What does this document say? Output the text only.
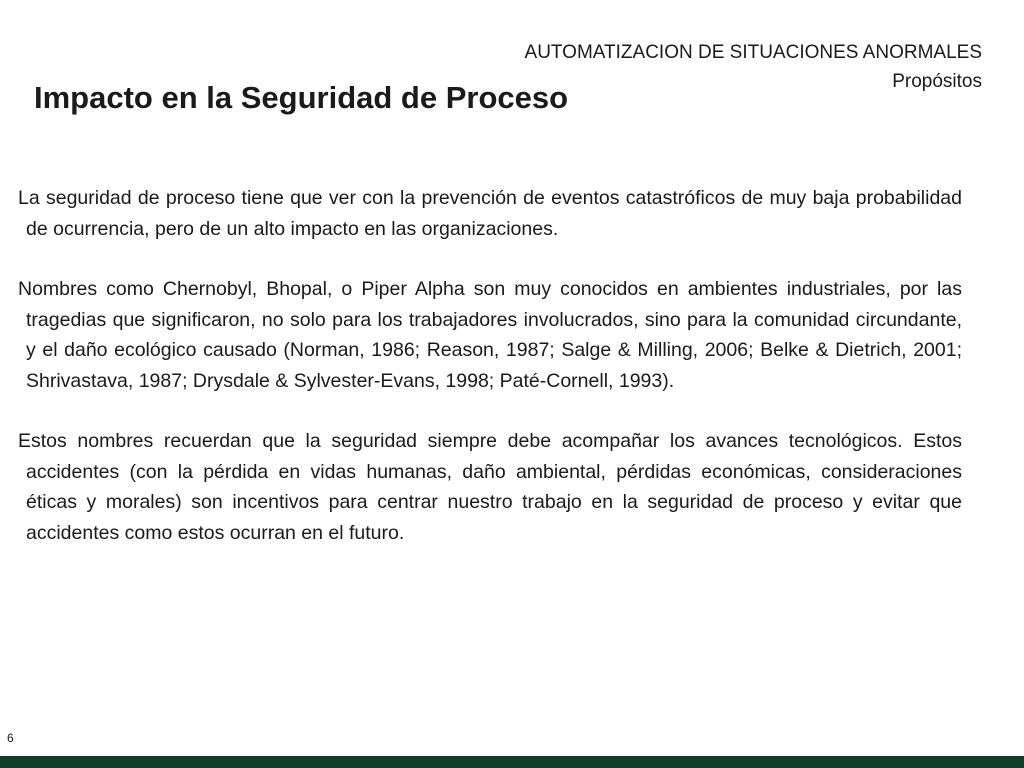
AUTOMATIZACION DE SITUACIONES ANORMALES
Propósitos
Impacto en la Seguridad de Proceso

La seguridad de proceso tiene que ver con la prevención de eventos catastróficos de muy baja probabilidad de ocurrencia, pero de un alto impacto en las organizaciones.

Nombres como Chernobyl, Bhopal, o Piper Alpha son muy conocidos en ambientes industriales, por las tragedias que significaron, no solo para los trabajadores involucrados, sino para la comunidad circundante, y el daño ecológico causado (Norman, 1986; Reason, 1987; Salge & Milling, 2006; Belke & Dietrich, 2001; Shrivastava, 1987; Drysdale & Sylvester-Evans, 1998; Paté-Cornell, 1993).

Estos nombres recuerdan que la seguridad siempre debe acompañar los avances tecnológicos. Estos accidentes (con la pérdida en vidas humanas, daño ambiental, pérdidas económicas, consideraciones éticas y morales) son incentivos para centrar nuestro trabajo en la seguridad de proceso y evitar que accidentes como estos ocurran en el futuro.

6
